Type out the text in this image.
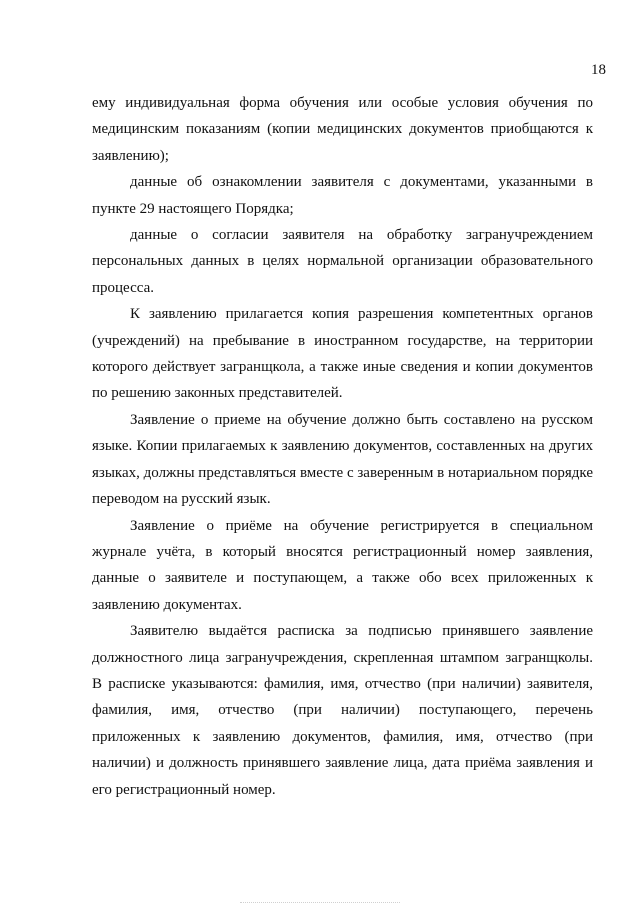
18

ему индивидуальная форма обучения или особые условия обучения по медицинским показаниям (копии медицинских документов приобщаются к заявлению);

данные об ознакомлении заявителя с документами, указанными в пункте 29 настоящего Порядка;

данные о согласии заявителя на обработку загранучреждением персональных данных в целях нормальной организации образовательного процесса.

К заявлению прилагается копия разрешения компетентных органов (учреждений) на пребывание в иностранном государстве, на территории которого действует загранщкола, а также иные сведения и копии документов по решению законных представителей.

Заявление о приеме на обучение должно быть составлено на русском языке. Копии прилагаемых к заявлению документов, составленных на других языках, должны представляться вместе с заверенным в нотариальном порядке переводом на русский язык.

Заявление о приёме на обучение регистрируется в специальном журнале учёта, в который вносятся регистрационный номер заявления, данные о заявителе и поступающем, а также обо всех приложенных к заявлению документах.

Заявителю выдаётся расписка за подписью принявшего заявление должностного лица загранучреждения, скрепленная штампом загранщколы. В расписке указываются: фамилия, имя, отчество (при наличии) заявителя, фамилия, имя, отчество (при наличии) поступающего, перечень приложенных к заявлению документов, фамилия, имя, отчество (при наличии) и должность принявшего заявление лица, дата приёма заявления и его регистрационный номер.
